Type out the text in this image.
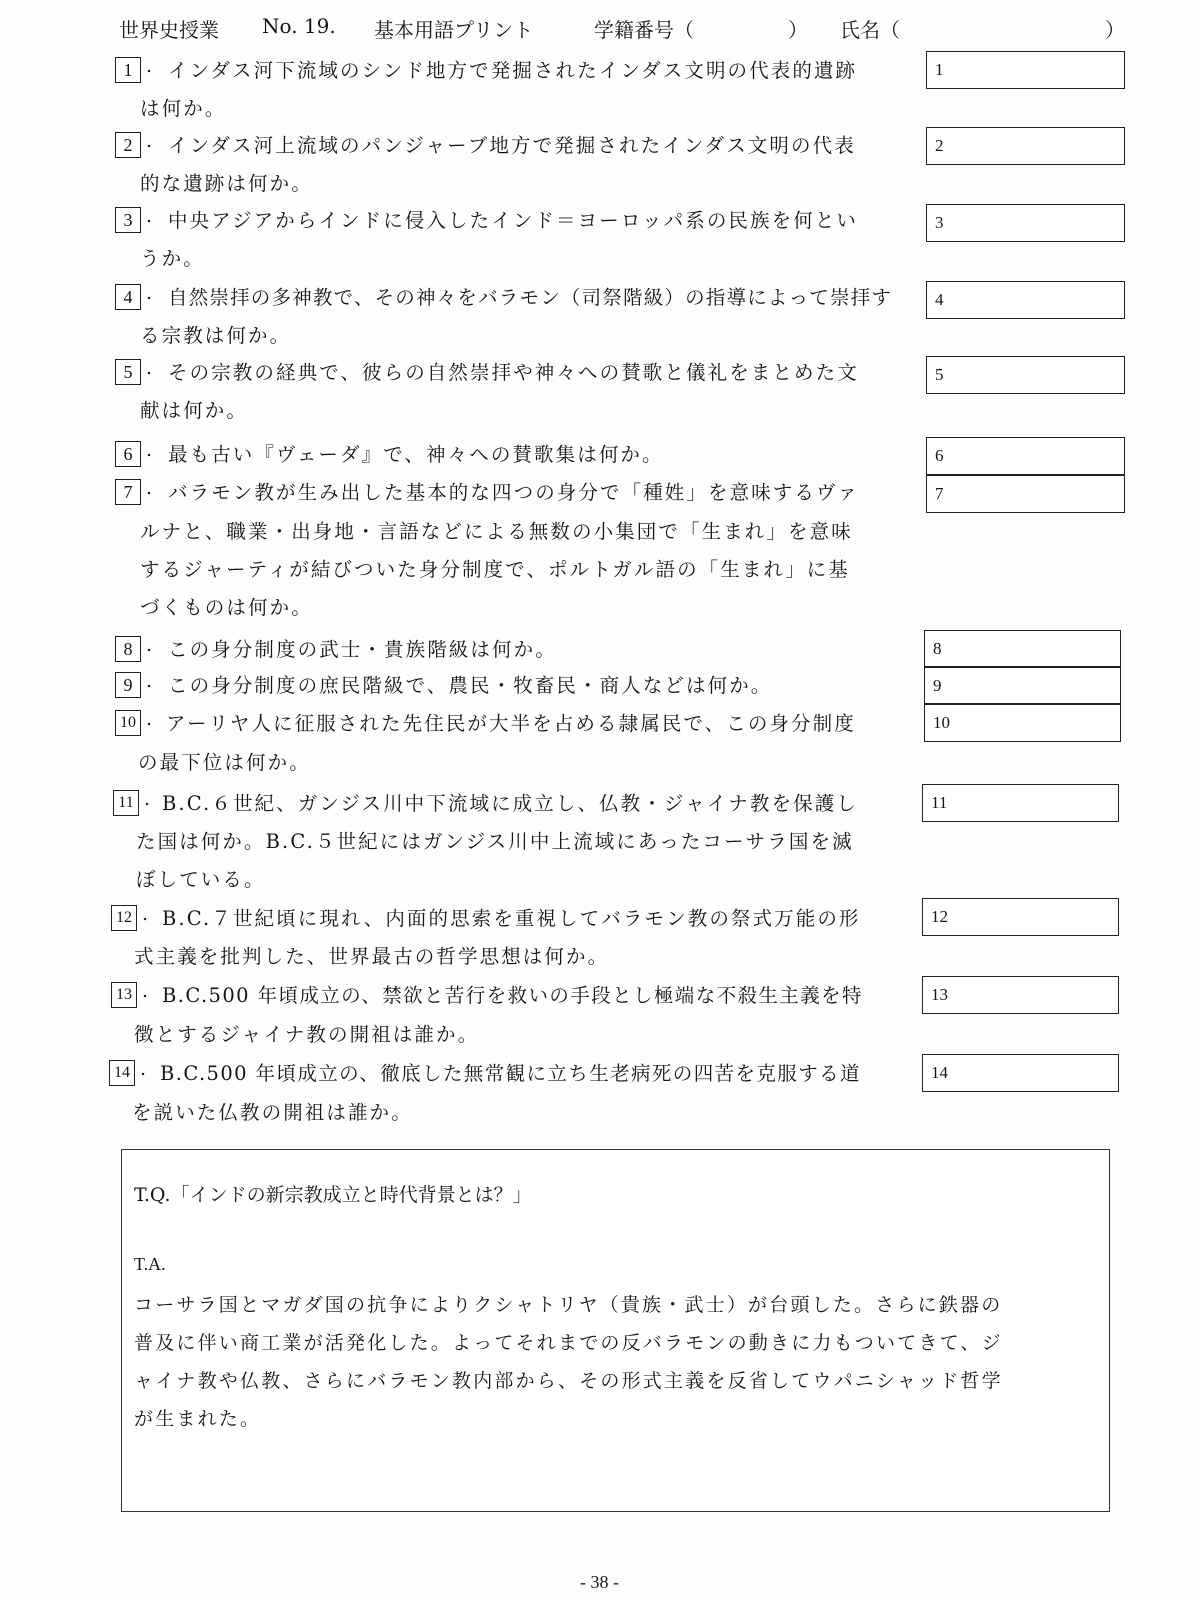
世界史授業 No. 19. 基本用語プリント	学籍番号（	） 氏名（	）
1 . インダス河下流域のシンド地方で発掘されたインダス文明の代表的遺跡
は何か。
1
2 . インダス河上流域のパンジャーブ地方で発掘されたインダス文明の代表
的な遺跡は何か。
2
3 . 中央アジアからインドに侵入したインド＝ヨーロッパ系の民族を何とい
うか。
3
4 . 自然崇拝の多神教で、その神々をバラモン（司祭階級）の指導によって崇拝す
る宗教は何か。
4
5 . その宗教の経典で、彼らの自然崇拝や神々への賛歌と儀礼をまとめた文
献は何か。
5
6 . 最も古い『ヴェーダ』で、神々への賛歌集は何か。	6
7 . バラモン教が生み出した基本的な四つの身分で「種姓」を意味するヴァ
ルナと、職業・出身地・言語などによる無数の小集団で「生まれ」を意味
するジャーティが結びついた身分制度で、ポルトガル語の「生まれ」に基
づくものは何か。
7
8 . この身分制度の武士・貴族階級は何か。	8
9 . この身分制度の庶民階級で、農民・牧畜民・商人などは何か。	9
10 . アーリヤ人に征服された先住民が大半を占める隷属民で、この身分制度
の最下位は何か。
10
11 . B.C.６世紀、ガンジス川中下流域に成立し、仏教・ジャイナ教を保護し
た国は何か。B.C.５世紀にはガンジス川中上流域にあったコーサラ国を滅
ぼしている。
11
12 . B.C.７世紀頃に現れ、内面的思索を重視してバラモン教の祭式万能の形
式主義を批判した、世界最古の哲学思想は何か。
12
13 . B.C.500 年頃成立の、禁欲と苦行を救いの手段とし極端な不殺生主義を特
徴とするジャイナ教の開祖は誰か。
13
14 . B.C.500 年頃成立の、徹底した無常観に立ち生老病死の四苦を克服する道
を説いた仏教の開祖は誰か。
14
T.Q.「インドの新宗教成立と時代背景とは？」
T.A.
コーサラ国とマガダ国の抗争によりクシャトリヤ（貴族・武士）が台頭した。さらに鉄器の
普及に伴い商工業が活発化した。よってそれまでの反バラモンの動きに力もついてきて、ジ
ャイナ教や仏教、さらにバラモン教内部から、その形式主義を反省してウパニシャッド哲学
が生まれた。
- 38 -
